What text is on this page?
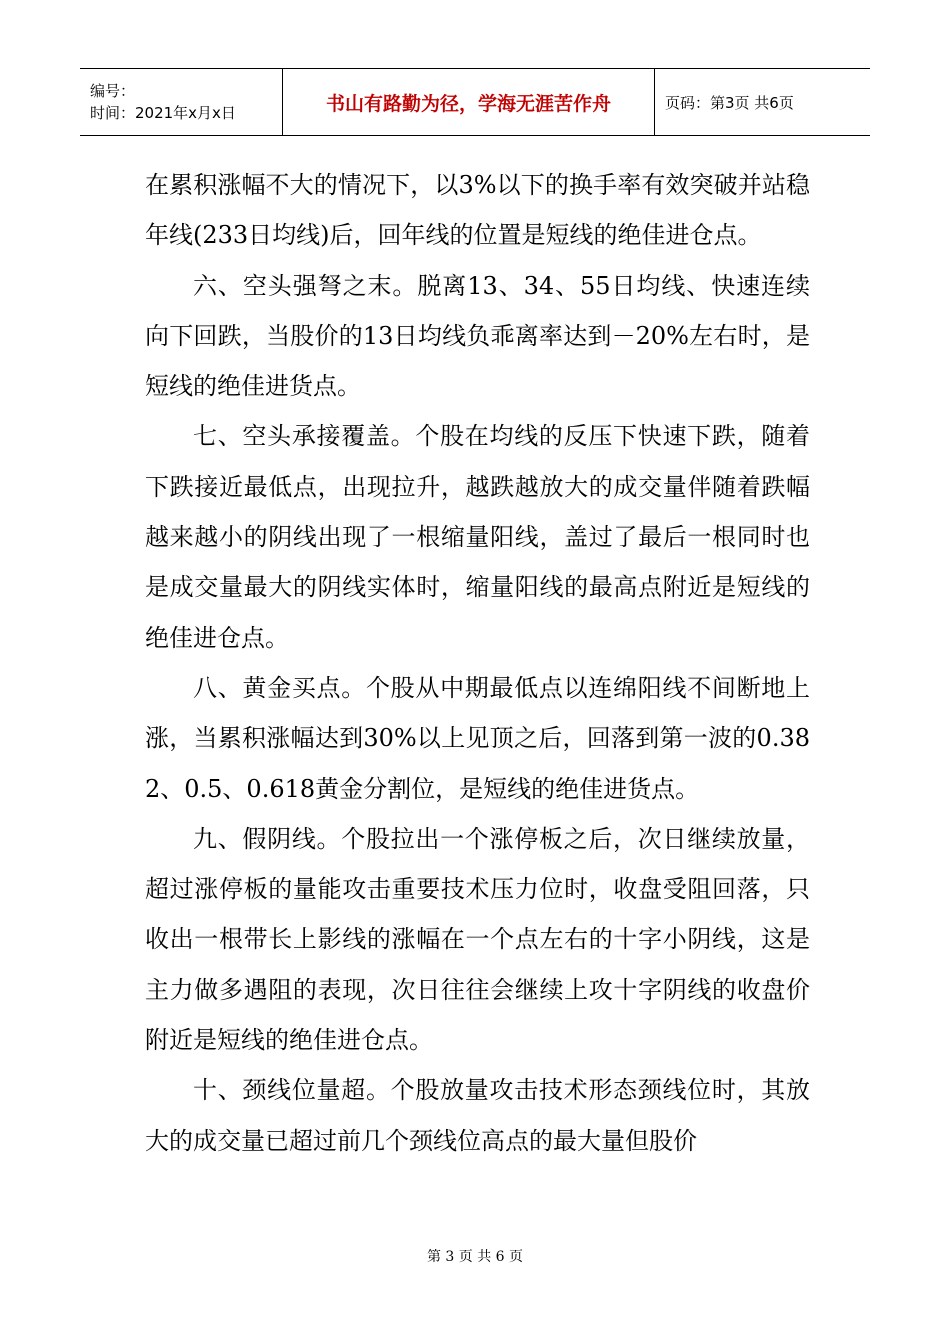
编号：
时间：2021年x月x日	书山有路勤为径，学海无涯苦作舟	页码：第3页 共6页

在累积涨幅不大的情况下，以3%以下的换手率有效突破并站稳年线(233日均线)后，回年线的位置是短线的绝佳进仓点。

六、空头强弩之末。脱离13、34、55日均线、快速连续向下回跌，当股价的13日均线负乖离率达到－20%左右时，是短线的绝佳进货点。

七、空头承接覆盖。个股在均线的反压下快速下跌，随着下跌接近最低点，出现拉升，越跌越放大的成交量伴随着跌幅越来越小的阴线出现了一根缩量阳线，盖过了最后一根同时也是成交量最大的阴线实体时，缩量阳线的最高点附近是短线的绝佳进仓点。

八、黄金买点。个股从中期最低点以连绵阳线不间断地上涨，当累积涨幅达到30%以上见顶之后，回落到第一波的0.382、0.5、0.618黄金分割位，是短线的绝佳进货点。

九、假阴线。个股拉出一个涨停板之后，次日继续放量，超过涨停板的量能攻击重要技术压力位时，收盘受阻回落，只收出一根带长上影线的涨幅在一个点左右的十字小阴线，这是主力做多遇阻的表现，次日往往会继续上攻十字阴线的收盘价附近是短线的绝佳进仓点。

十、颈线位量超。个股放量攻击技术形态颈线位时，其放大的成交量已超过前几个颈线位高点的最大量但股价

第 3 页 共 6 页
